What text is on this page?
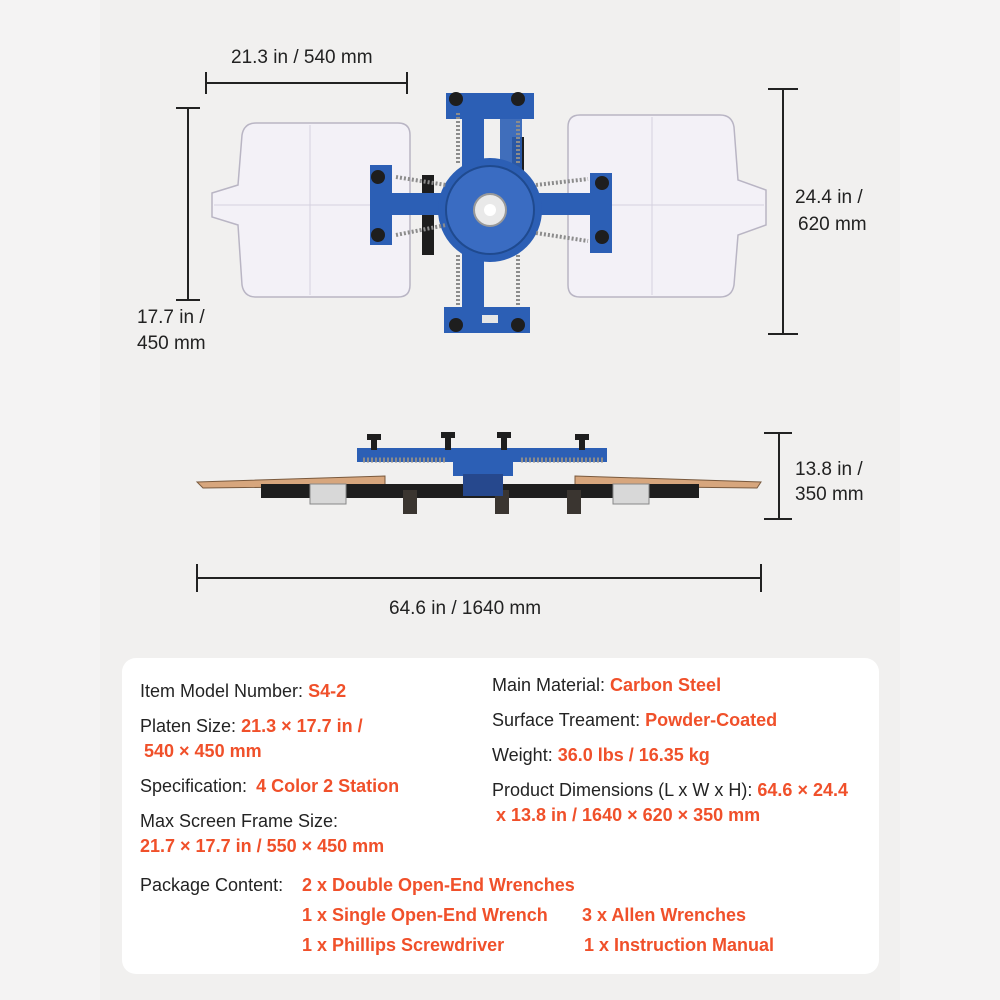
21.3 in / 540 mm
17.7 in /
450 mm
24.4 in /
620 mm
13.8 in /
350 mm
64.6 in / 1640 mm
Item Model Number: S4-2
Platen Size: 21.3 × 17.7 in /
540 × 450 mm
Specification: 4 Color 2 Station
Max Screen Frame Size:
21.7 × 17.7 in / 550 × 450 mm
Main Material: Carbon Steel
Surface Treament: Powder-Coated
Weight: 36.0 lbs / 16.35 kg
Product Dimensions (L x W x H): 64.6 × 24.4
x 13.8 in / 1640 × 620 × 350 mm
Package Content: 2 x Double Open-End Wrenches
1 x Single Open-End Wrench 3 x Allen Wrenches
1 x Phillips Screwdriver	1 x Instruction Manual
